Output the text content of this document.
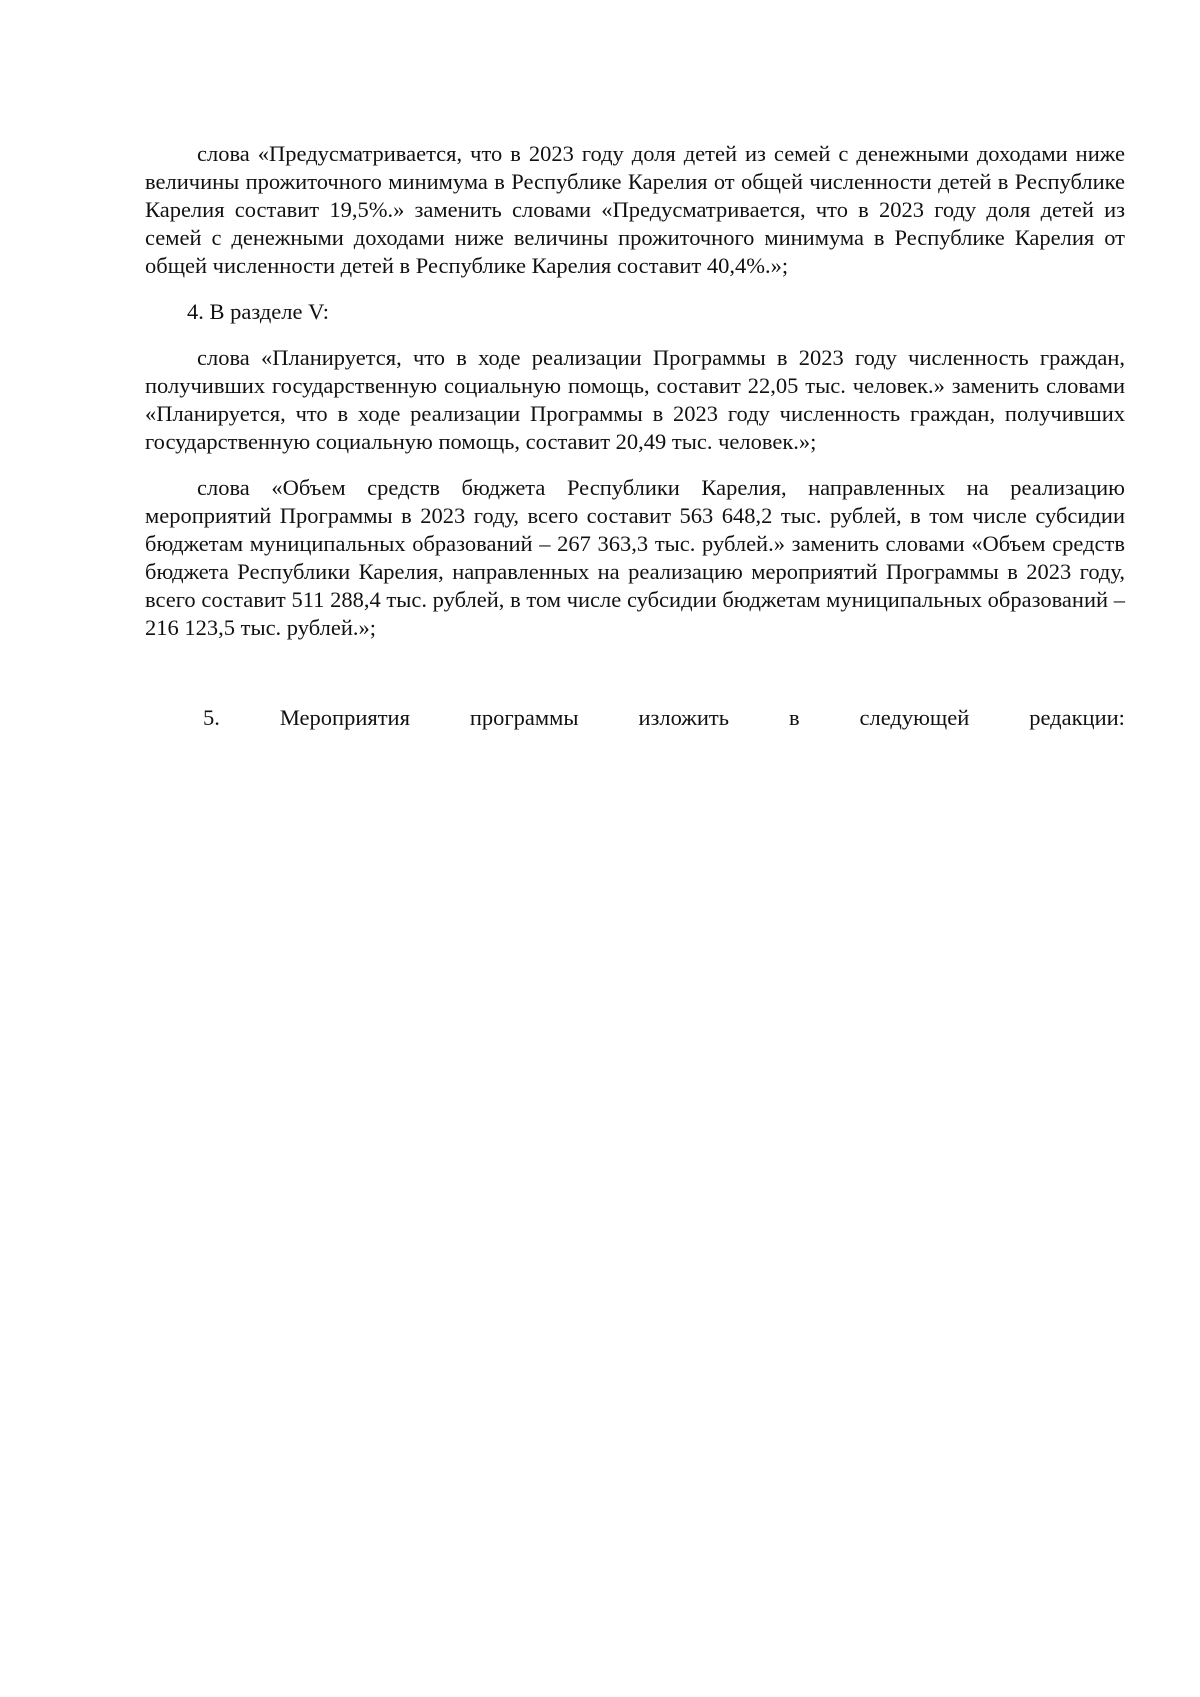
слова «Предусматривается, что в 2023 году доля детей из семей с денежными доходами ниже величины прожиточного минимума в Республике Карелия от общей численности детей в Республике Карелия составит 19,5%.» заменить словами «Предусматривается, что в 2023 году доля детей из семей с денежными доходами ниже величины прожиточного минимума в Республике Карелия от общей численности детей в Республике Карелия составит 40,4%.»;

4. В разделе V:

слова «Планируется, что в ходе реализации Программы в 2023 году численность граждан, получивших государственную социальную помощь, составит 22,05 тыс. человек.» заменить словами «Планируется, что в ходе реализации Программы в 2023 году численность граждан, получивших государственную социальную помощь, составит 20,49 тыс. человек.»;

слова «Объем средств бюджета Республики Карелия, направленных на реализацию мероприятий Программы в 2023 году, всего составит 563 648,2 тыс. рублей, в том числе субсидии бюджетам муниципальных образований – 267 363,3 тыс. рублей.» заменить словами «Объем средств бюджета Республики Карелия, направленных на реализацию мероприятий Программы в 2023 году, всего составит 511 288,4 тыс. рублей, в том числе субсидии бюджетам муниципальных образований – 216 123,5 тыс. рублей.»;

5.	Мероприятия	программы	изложить	в	следующей	редакции:
